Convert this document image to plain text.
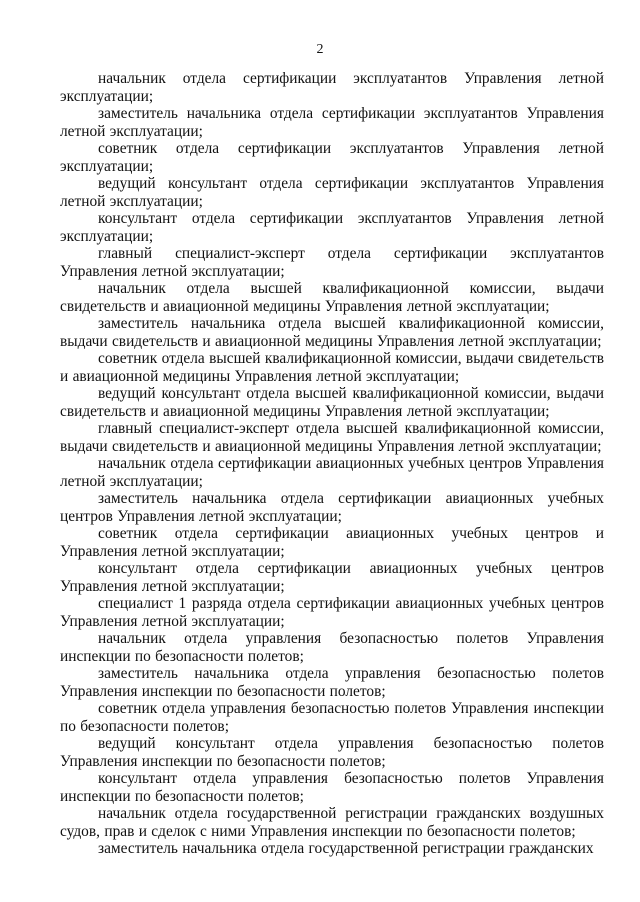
2

начальник отдела сертификации эксплуатантов Управления летной эксплуатации;

заместитель начальника отдела сертификации эксплуатантов Управления летной эксплуатации;

советник отдела сертификации эксплуатантов Управления летной эксплуатации;

ведущий консультант отдела сертификации эксплуатантов Управления летной эксплуатации;

консультант отдела сертификации эксплуатантов Управления летной эксплуатации;

главный специалист-эксперт отдела сертификации эксплуатантов Управления летной эксплуатации;

начальник отдела высшей квалификационной комиссии, выдачи свидетельств и авиационной медицины Управления летной эксплуатации;

заместитель начальника отдела высшей квалификационной комиссии, выдачи свидетельств и авиационной медицины Управления летной эксплуатации;

советник отдела высшей квалификационной комиссии, выдачи свидетельств и авиационной медицины Управления летной эксплуатации;

ведущий консультант отдела высшей квалификационной комиссии, выдачи свидетельств и авиационной медицины Управления летной эксплуатации;

главный специалист-эксперт отдела высшей квалификационной комиссии, выдачи свидетельств и авиационной медицины Управления летной эксплуатации;

начальник отдела сертификации авиационных учебных центров Управления летной эксплуатации;

заместитель начальника отдела сертификации авиационных учебных центров Управления летной эксплуатации;

советник отдела сертификации авиационных учебных центров и Управления летной эксплуатации;

консультант отдела сертификации авиационных учебных центров Управления летной эксплуатации;

специалист 1 разряда отдела сертификации авиационных учебных центров Управления летной эксплуатации;

начальник отдела управления безопасностью полетов Управления инспекции по безопасности полетов;

заместитель начальника отдела управления безопасностью полетов Управления инспекции по безопасности полетов;

советник отдела управления безопасностью полетов Управления инспекции по безопасности полетов;

ведущий консультант отдела управления безопасностью полетов Управления инспекции по безопасности полетов;

консультант отдела управления безопасностью полетов Управления инспекции по безопасности полетов;

начальник отдела государственной регистрации гражданских воздушных судов, прав и сделок с ними Управления инспекции по безопасности полетов;

заместитель начальника отдела государственной регистрации гражданских
